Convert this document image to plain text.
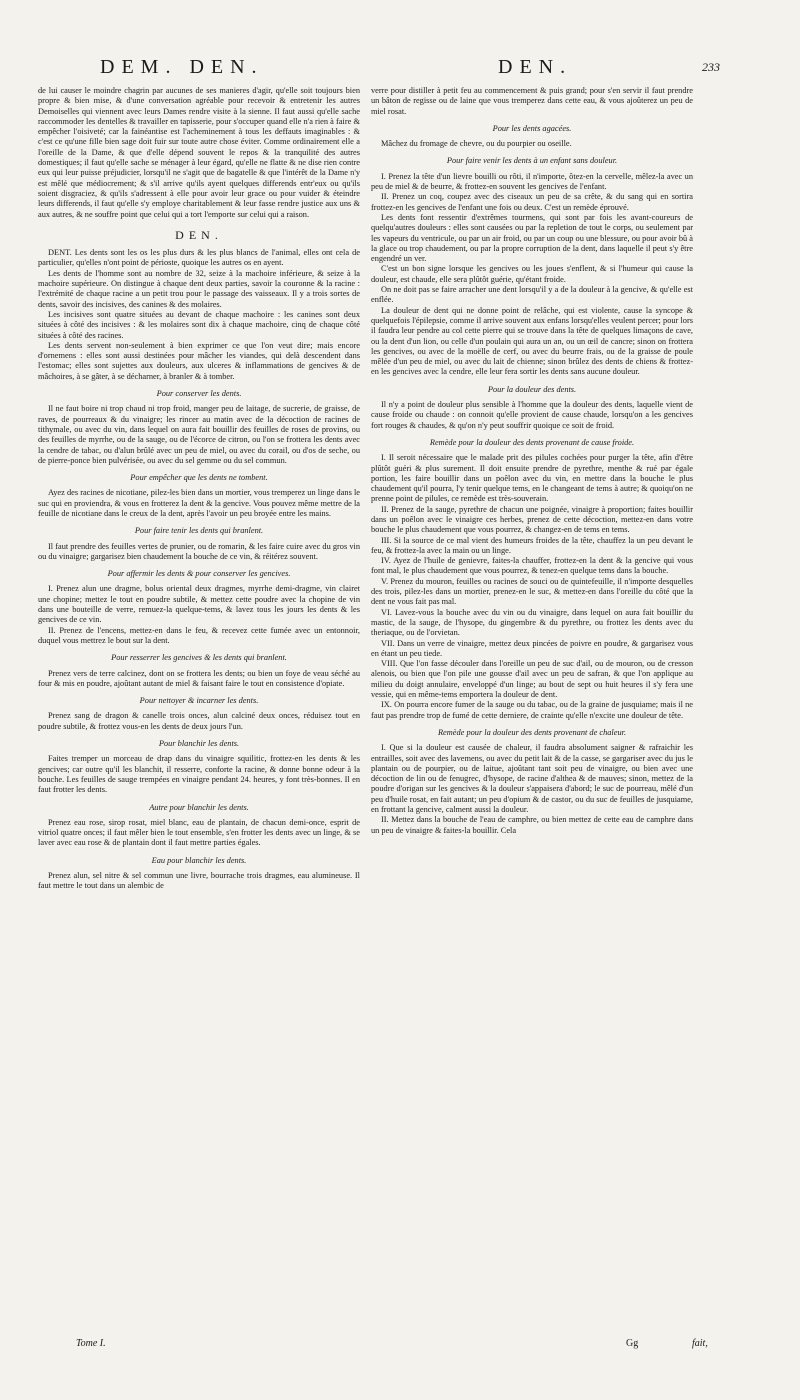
DEM. DEN.	DEN.	233

de lui causer le moindre chagrin par aucunes de ses manieres d'agir, qu'elle soit toujours bien propre & bien mise, & d'une conversation agréable pour recevoir & entretenir les autres Demoiselles qui viennent avec leurs Dames rendre visite à la sienne. Il faut aussi qu'elle sache raccommoder les dentelles & travailler en tapisserie, pour s'occuper quand elle n'a rien à faire & empêcher l'oisiveté; car la fainéantise est l'acheminement à tous les deffauts imaginables : & c'est ce qu'une fille bien sage doit fuir sur toute autre chose éviter. Comme ordinairement elle a l'oreille de la Dame, & que d'elle dépend souvent le repos & la tranquilité des autres domestiques; il faut qu'elle sache se ménager à leur égard, qu'elle ne flatte & ne dise rien contre eux qui leur puisse préjudicier, lorsqu'il ne s'agit que de bagatelle & que l'intérêt de la Dame n'y est mêlé que médiocrement; & s'il arrive qu'ils ayent quelques differends entr'eux ou qu'ils soient disgraciez, & qu'ils s'adressent à elle pour avoir leur grace ou pour vuider & éteindre leurs differends, il faut qu'elle s'y employe charitablement & leur fasse rendre justice aux uns & aux autres, & ne souffre point que celui qui a tort l'emporte sur celui qui a raison.

DEN.

DENT. Les dents sont les os les plus durs & les plus blancs de l'animal, elles ont cela de particulier, qu'elles n'ont point de périoste, quoique les autres os en ayent.

Les dents de l'homme sont au nombre de 32, seize à la machoire inférieure, & seize à la machoire supérieure. On distingue à chaque dent deux parties, savoir la couronne & la racine : l'extrémité de chaque racine a un petit trou pour le passage des vaisseaux. Il y a trois sortes de dents, savoir des incisives, des canines & des molaires.

Les incisives sont quatre situées au devant de chaque machoire : les canines sont deux situées à côté des incisives : & les molaires sont dix à chaque machoire, cinq de chaque côté situées à côté des racines.

Les dents servent non-seulement à bien exprimer ce que l'on veut dire; mais encore d'ornemens : elles sont aussi destinées pour mâcher les viandes, qui delà descendent dans l'estomac; elles sont sujettes aux douleurs, aux ulceres & inflammations de gencives & de mâchoires, à se gâter, à se décharner, à branler & à tomber.

Pour conserver les dents.

Il ne faut boire ni trop chaud ni trop froid, manger peu de laitage, de sucrerie, de graisse, de raves, de pourreaux & du vinaigre; les rincer au matin avec de la décoction de racines de tithymale, ou avec du vin, dans lequel on aura fait bouillir des feuilles de roses de provins, ou des feuilles de myrrhe, ou de la sauge, ou de l'écorce de citron, ou l'on se frottera les dents avec la cendre de tabac, ou d'alun brûlé avec un peu de miel, ou avec du corail, ou d'os de seche, ou de pierre-ponce bien pulvérisée, ou avec du sel gemme ou du sel commun.

Pour empêcher que les dents ne tombent.

Ayez des racines de nicotiane, pilez-les bien dans un mortier, vous tremperez un linge dans le suc qui en proviendra, & vous en frotterez la dent & la gencive. Vous pouvez même mettre de la feuille de nicotiane dans le creux de la dent, après l'avoir un peu broyée entre les mains.

Pour faire tenir les dents qui branlent.

Il faut prendre des feuilles vertes de prunier, ou de romarin, & les faire cuire avec du gros vin ou du vinaigre; gargarisez bien chaudement la bouche de ce vin, & réitérez souvent.

Pour affermir les dents & pour conserver les gencives.

I. Prenez alun une dragme, bolus oriental deux dragmes, myrrhe demi-dragme, vin clairet une chopine; mettez le tout en poudre subtile, & mettez cette poudre avec la chopine de vin dans une bouteille de verre, remuez-la quelque-tems, & lavez tous les jours les dents & les gencives de ce vin.

II. Prenez de l'encens, mettez-en dans le feu, & recevez cette fumée avec un entonnoir, duquel vous mettrez le bout sur la dent.

Pour resserrer les gencives & les dents qui branlent.

Prenez vers de terre calcinez, dont on se frottera les dents; ou bien un foye de veau séché au four & mis en poudre, ajoûtant autant de miel & faisant faire le tout en consistence d'opiate.

Pour nettoyer & incarner les dents.

Prenez sang de dragon & canelle trois onces, alun calciné deux onces, réduisez tout en poudre subtile, & frottez vous-en les dents de deux jours l'un.

Pour blanchir les dents.

Faites tremper un morceau de drap dans du vinaigre squilitic, frottez-en les dents & les gencives; car outre qu'il les blanchit, il resserre, conforte la racine, & donne bonne odeur à la bouche. Les feuilles de sauge trempées en vinaigre pendant 24. heures, y font très-bonnes. Il en faut frotter les dents.

Autre pour blanchir les dents.

Prenez eau rose, sirop rosat, miel blanc, eau de plantain, de chacun demi-once, esprit de vitriol quatre onces; il faut mêler bien le tout ensemble, s'en frotter les dents avec un linge, & se laver avec eau rose & de plantain dont il faut mettre parties égales.

Eau pour blanchir les dents.

Prenez alun, sel nitre & sel commun une livre, bourrache trois dragmes, eau alumineuse. Il faut mettre le tout dans un alembic de

verre pour distiller à petit feu au commencement & puis grand; pour s'en servir il faut prendre un bâton de regisse ou de laine que vous tremperez dans cette eau, & vous ajoûterez un peu de miel rosat.

Pour les dents agacées.

Mâchez du fromage de chevre, ou du pourpier ou oseille.

Pour faire venir les dents à un enfant sans douleur.

I. Prenez la tête d'un lievre bouilli ou rôti, il n'importe, ôtez-en la cervelle, mêlez-la avec un peu de miel & de beurre, & frottez-en souvent les gencives de l'enfant.

II. Prenez un coq, coupez avec des ciseaux un peu de sa crête, & du sang qui en sortira frottez-en les gencives de l'enfant une fois ou deux. C'est un remède éprouvé.

Les dents font ressentir d'extrêmes tourmens, qui sont par fois les avant-coureurs de quelqu'autres douleurs : elles sont causées ou par la repletion de tout le corps, ou seulement par les vapeurs du ventricule, ou par un air froid, ou par un coup ou une blessure, ou pour avoir bû à la glace ou trop chaudement, ou par la propre corruption de la dent, dans laquelle il peut s'y être engendré un ver.

C'est un bon signe lorsque les gencives ou les joues s'enflent, & si l'humeur qui cause la douleur, est chaude, elle sera plûtôt guérie, qu'étant froide.

On ne doit pas se faire arracher une dent lorsqu'il y a de la douleur à la gencive, & qu'elle est enflée.

La douleur de dent qui ne donne point de relâche, qui est violente, cause la syncope & quelquefois l'épilepsie, comme il arrive souvent aux enfans lorsqu'elles veulent percer; pour lors il faudra leur pendre au col cette pierre qui se trouve dans la tête de quelques limaçons de cave, ou la dent d'un lion, ou celle d'un poulain qui aura un an, ou un œil de cancre; sinon on frottera les gencives, ou avec de la moëlle de cerf, ou avec du beurre frais, ou de la graisse de poule mêlée d'un peu de miel, ou avec du lait de chienne; sinon brûlez des dents de chiens & frottez-en les gencives avec la cendre, elle leur fera sortir les dents sans aucune douleur.

Pour la douleur des dents.

Il n'y a point de douleur plus sensible à l'homme que la douleur des dents, laquelle vient de cause froide ou chaude : on connoit qu'elle provient de cause chaude, lorsqu'on a les gencives fort rouges & chaudes, & qu'on n'y peut souffrir quoique ce soit de froid.

Remède pour la douleur des dents provenant de cause froide.

I. Il seroit nécessaire que le malade prit des pilules cochées pour purger la tête, afin d'être plûtôt guéri & plus surement. Il doit ensuite prendre de pyrethre, menthe & rué par égale portion, les faire bouillir dans un poêlon avec du vin, en mettre dans la bouche le plus chaudement qu'il pourra, l'y tenir quelque tems, en le changeant de tems à autre; & quoiqu'on ne prenne point de pilules, ce remède est très-souverain.

II. Prenez de la sauge, pyrethre de chacun une poignée, vinaigre à proportion; faites bouillir dans un poêlon avec le vinaigre ces herbes, prenez de cette décoction, mettez-en dans votre bouche le plus chaudement que vous pourrez, & changez-en de tems en tems.

III. Si la source de ce mal vient des humeurs froides de la tête, chauffez la un peu devant le feu, & frottez-la avec la main ou un linge.

IV. Ayez de l'huile de genievre, faites-la chauffer, frottez-en la dent & la gencive qui vous font mal, le plus chaudement que vous pourrez, & tenez-en quelque tems dans la bouche.

V. Prenez du mouron, feuilles ou racines de souci ou de quintefeuille, il n'importe desquelles des trois, pilez-les dans un mortier, prenez-en le suc, & mettez-en dans l'oreille du côté que la dent ne vous fait pas mal.

VI. Lavez-vous la bouche avec du vin ou du vinaigre, dans lequel on aura fait bouillir du mastic, de la sauge, de l'hysope, du gingembre & du pyrethre, ou frottez les dents avec du theriaque, ou de l'orvietan.

VII. Dans un verre de vinaigre, mettez deux pincées de poivre en poudre, & gargarisez vous en étant un peu tiede.

VIII. Que l'on fasse découler dans l'oreille un peu de suc d'ail, ou de mouron, ou de cresson alenois, ou bien que l'on pile une gousse d'ail avec un peu de safran, & que l'on applique au milieu du doigt annulaire, enveloppé d'un linge; au bout de sept ou huit heures il s'y fera une vessie, qui en même-tems emportera la douleur de dent.

IX. On pourra encore fumer de la sauge ou du tabac, ou de la graine de jusquiame; mais il ne faut pas prendre trop de fumé de cette derniere, de crainte qu'elle n'excite une douleur de tête.

Remède pour la douleur des dents provenant de chaleur.

I. Que si la douleur est causée de chaleur, il faudra absolument saigner & rafraichir les entrailles, soit avec des lavemens, ou avec du petit lait & de la casse, se gargariser avec du jus le plantain ou de pourpier, ou de laitue, ajoûtant tant soit peu de vinaigre, ou bien avec une décoction de lin ou de fenugrec, d'hysope, de racine d'althea & de mauves; sinon, mettez de la poudre d'origan sur les gencives & la douleur s'appaisera d'abord; le suc de pourreau, mêlé d'un peu d'huile rosat, en fait autant; un peu d'opium & de castor, ou du suc de feuilles de jusquiame, en frottant la gencive, calment aussi la douleur.

II. Mettez dans la bouche de l'eau de camphre, ou bien mettez de cette eau de camphre dans un peu de vinaigre & faites-la bouillir. Cela

Tome I.	Gg	fait,
